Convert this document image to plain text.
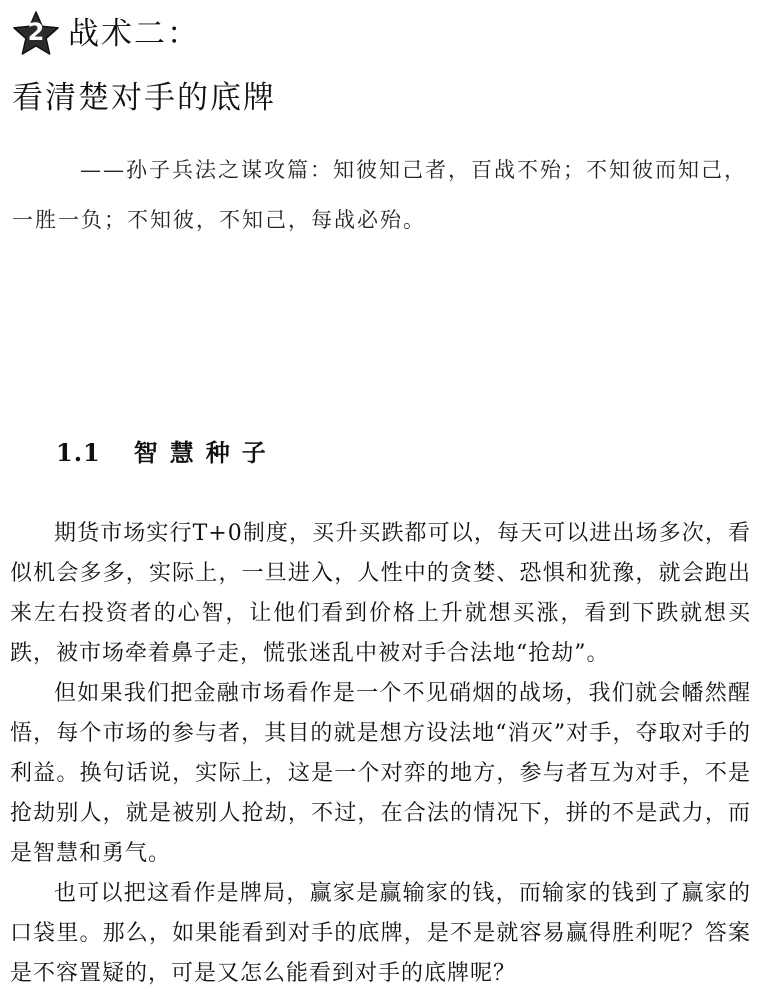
2 战术二：
看清楚对手的底牌
——孙子兵法之谋攻篇：知彼知己者，百战不殆；不知彼而知己，一胜一负；不知彼，不知己，每战必殆。
1.1 智慧种子

期货市场实行T+0制度，买升买跌都可以，每天可以进出场多次，看似机会多多，实际上，一旦进入，人性中的贪婪、恐惧和犹豫，就会跑出来左右投资者的心智，让他们看到价格上升就想买涨，看到下跌就想买跌，被市场牵着鼻子走，慌张迷乱中被对手合法地“抢劫”。

但如果我们把金融市场看作是一个不见硝烟的战场，我们就会幡然醒悟，每个市场的参与者，其目的就是想方设法地“消灭”对手，夺取对手的利益。换句话说，实际上，这是一个对弈的地方，参与者互为对手，不是抢劫别人，就是被别人抢劫，不过，在合法的情况下，拼的不是武力，而是智慧和勇气。

也可以把这看作是牌局，赢家是赢输家的钱，而输家的钱到了赢家的口袋里。那么，如果能看到对手的底牌，是不是就容易赢得胜利呢？答案是不容置疑的，可是又怎么能看到对手的底牌呢？
